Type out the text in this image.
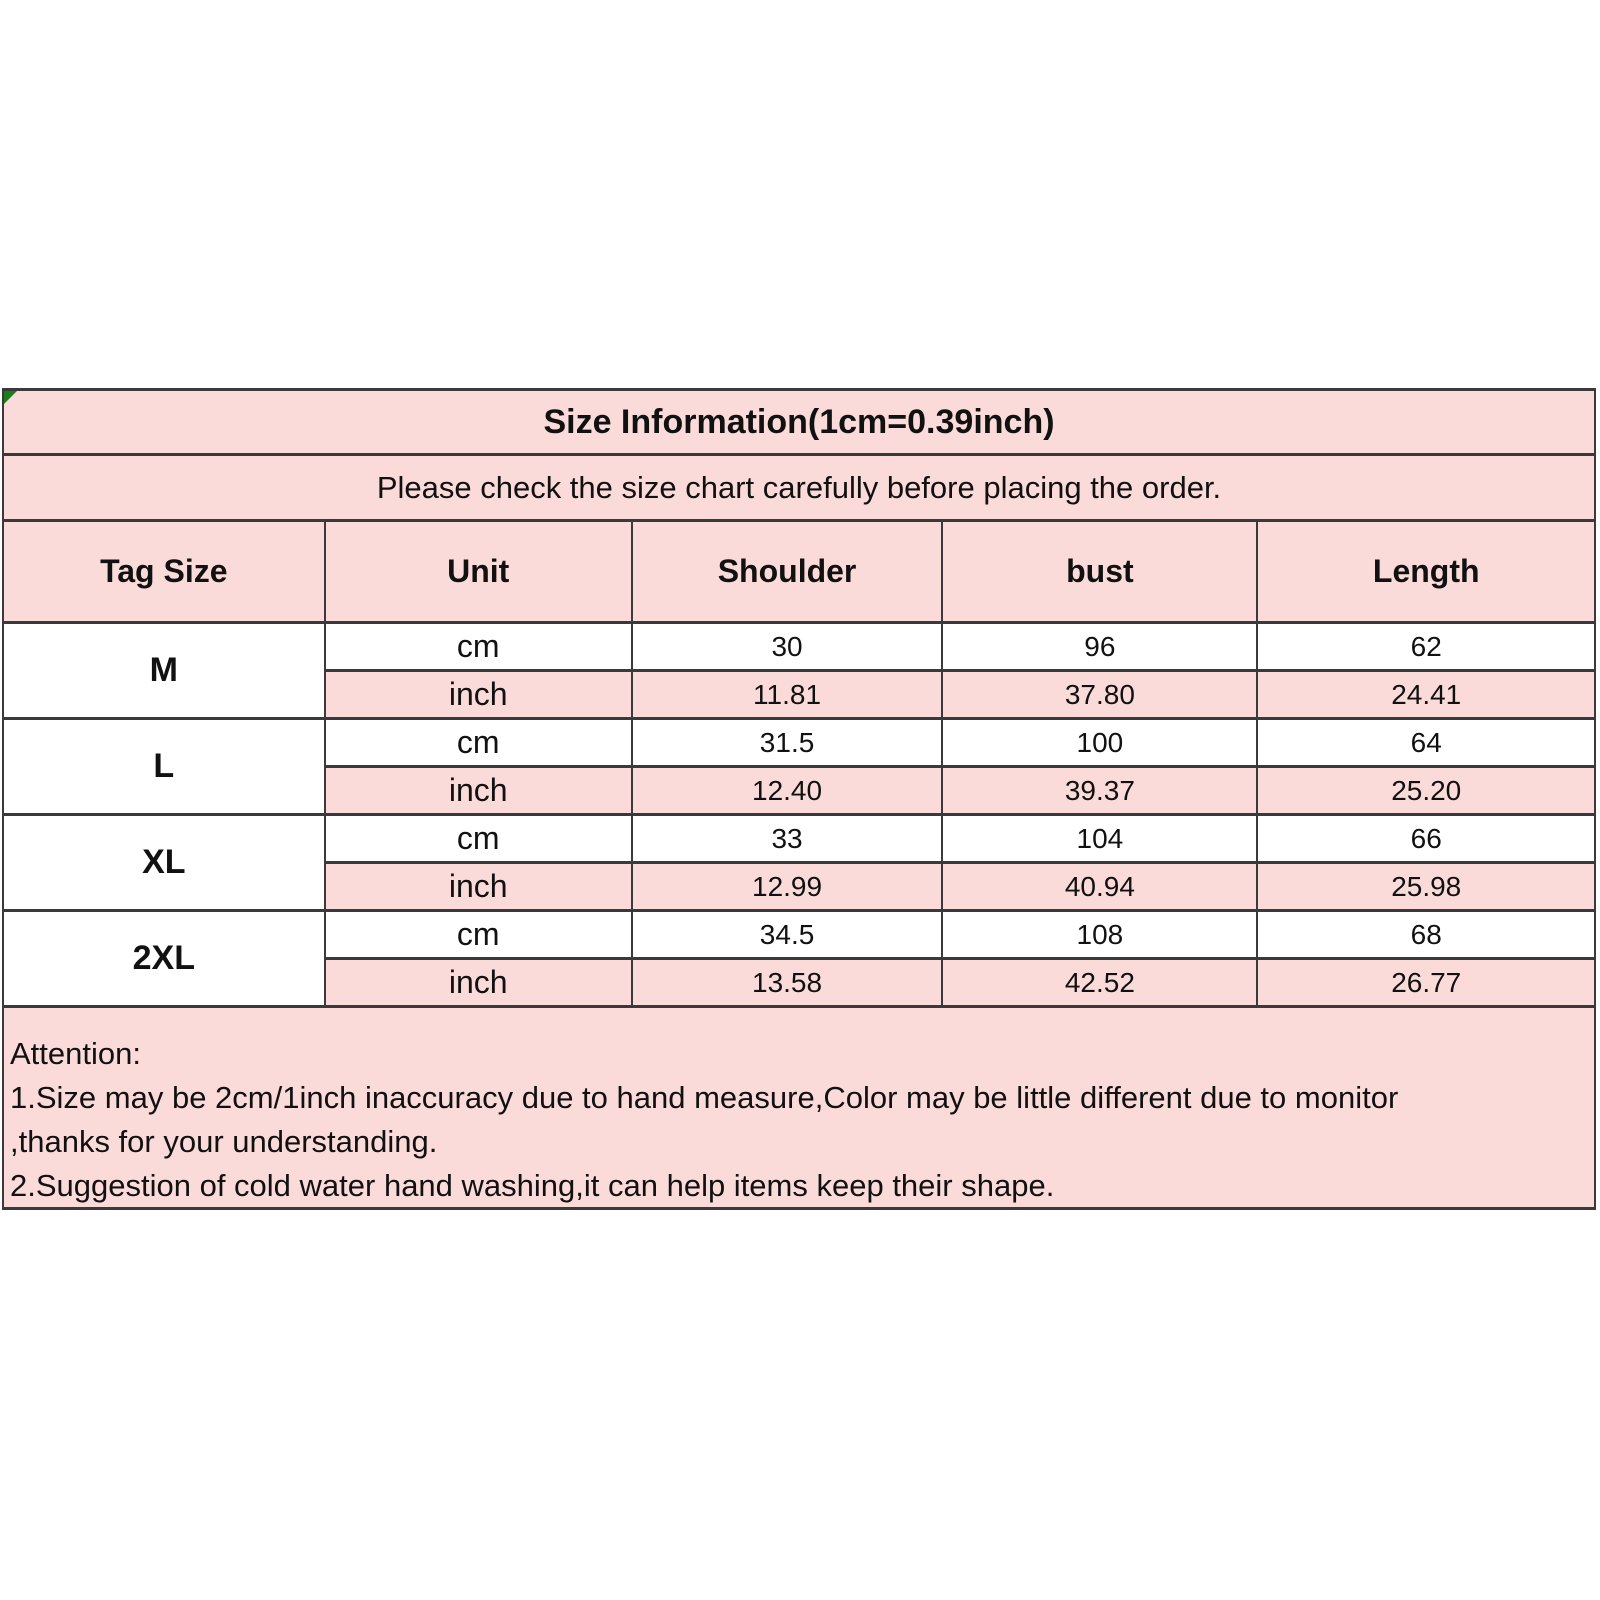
Size Information(1cm=0.39inch)				
Please check the size chart carefully before placing the order.				
Tag Size	Unit	Shoulder	bust	Length
M	cm	30	96	62
	inch	11.81	37.80	24.41
L	cm	31.5	100	64
	inch	12.40	39.37	25.20
XL	cm	33	104	66
	inch	12.99	40.94	25.98
2XL	cm	34.5	108	68
	inch	13.58	42.52	26.77
Attention:
1.Size may be 2cm/1inch inaccuracy due to hand measure,Color may be little different due to monitor
,thanks for your understanding.
2.Suggestion of cold water hand washing,it can help items keep their shape.
